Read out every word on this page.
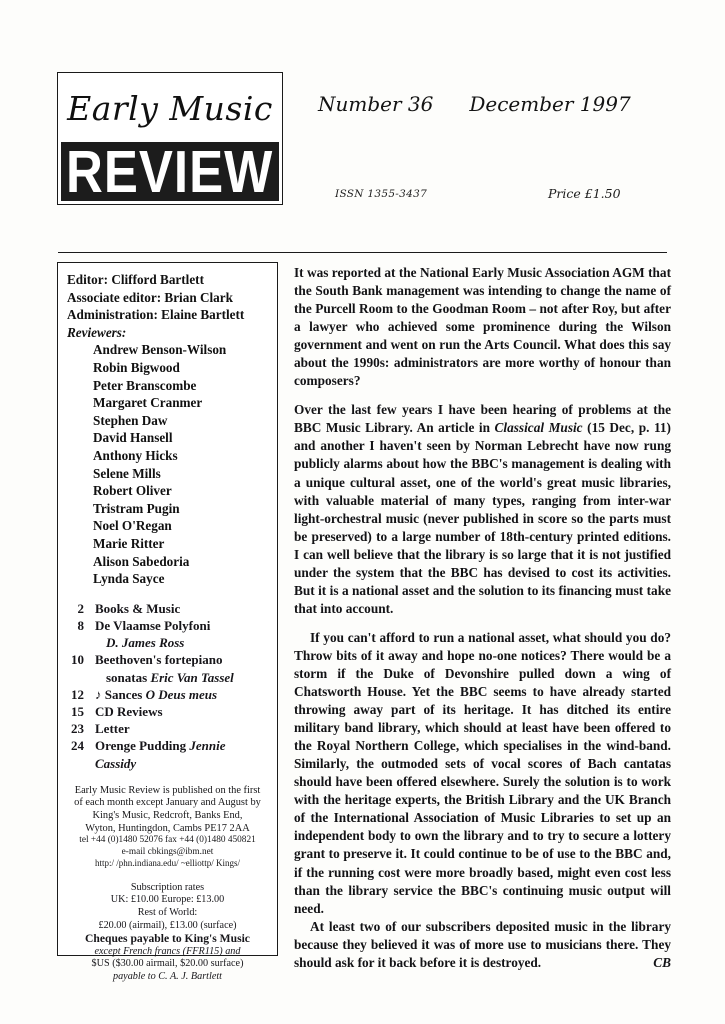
Early Music
REVIEW
Number 36 December 1997
ISSN 1355-3437	Price £1.50
Editor: Clifford Bartlett
Associate editor: Brian Clark
Administration: Elaine Bartlett
Reviewers:
Andrew Benson-Wilson
Robin Bigwood
Peter Branscombe
Margaret Cranmer
Stephen Daw
David Hansell
Anthony Hicks
Selene Mills
Robert Oliver
Tristram Pugin
Noel O'Regan
Marie Ritter
Alison Sabedoria
Lynda Sayce
2 Books & Music
8 De Vlaamse Polyfoni
D. James Ross
10 Beethoven's fortepiano
sonatas Eric Van Tassel
12 ♪ Sances O Deus meus
15 CD Reviews
23 Letter
24 Orenge Pudding Jennie Cassidy
Early Music Review is published on the first
of each month except January and August by
King's Music, Redcroft, Banks End,
Wyton, Huntingdon, Cambs PE17 2AA
tel +44 (0)1480 52076 fax +44 (0)1480 450821
e-mail cbkings@ibm.net
http:/ /phn.indiana.edu/ ~elliottp/ Kings/
Subscription rates
UK: £10.00 Europe: £13.00
Rest of World:
£20.00 (airmail), £13.00 (surface)
Cheques payable to King's Music
except French francs (FFR115) and
$US ($30.00 airmail, $20.00 surface)
payable to C. A. J. Bartlett

It was reported at the National Early Music Association AGM that the South Bank management was intending to change the name of the Purcell Room to the Goodman Room – not after Roy, but after a lawyer who achieved some prominence during the Wilson government and went on run the Arts Council. What does this say about the 1990s: administrators are more worthy of honour than composers?

Over the last few years I have been hearing of problems at the BBC Music Library. An article in Classical Music (15 Dec, p. 11) and another I haven't seen by Norman Lebrecht have now rung publicly alarms about how the BBC's management is dealing with a unique cultural asset, one of the world's great music libraries, with valuable material of many types, ranging from inter-war light-orchestral music (never published in score so the parts must be preserved) to a large number of 18th-century printed editions. I can well believe that the library is so large that it is not justified under the system that the BBC has devised to cost its activities. But it is a national asset and the solution to its financing must take that into account.

If you can't afford to run a national asset, what should you do? Throw bits of it away and hope no-one notices? There would be a storm if the Duke of Devonshire pulled down a wing of Chatsworth House. Yet the BBC seems to have already started throwing away part of its heritage. It has ditched its entire military band library, which should at least have been offered to the Royal Northern College, which specialises in the wind-band. Similarly, the outmoded sets of vocal scores of Bach cantatas should have been offered elsewhere. Surely the solution is to work with the heritage experts, the British Library and the UK Branch of the International Association of Music Libraries to set up an independent body to own the library and to try to secure a lottery grant to preserve it. It could continue to be of use to the BBC and, if the running cost were more broadly based, might even cost less than the library service the BBC's continuing music output will need.

At least two of our subscribers deposited music in the library because they believed it was of more use to musicians there. They should ask for it back before it is destroyed.	CB
